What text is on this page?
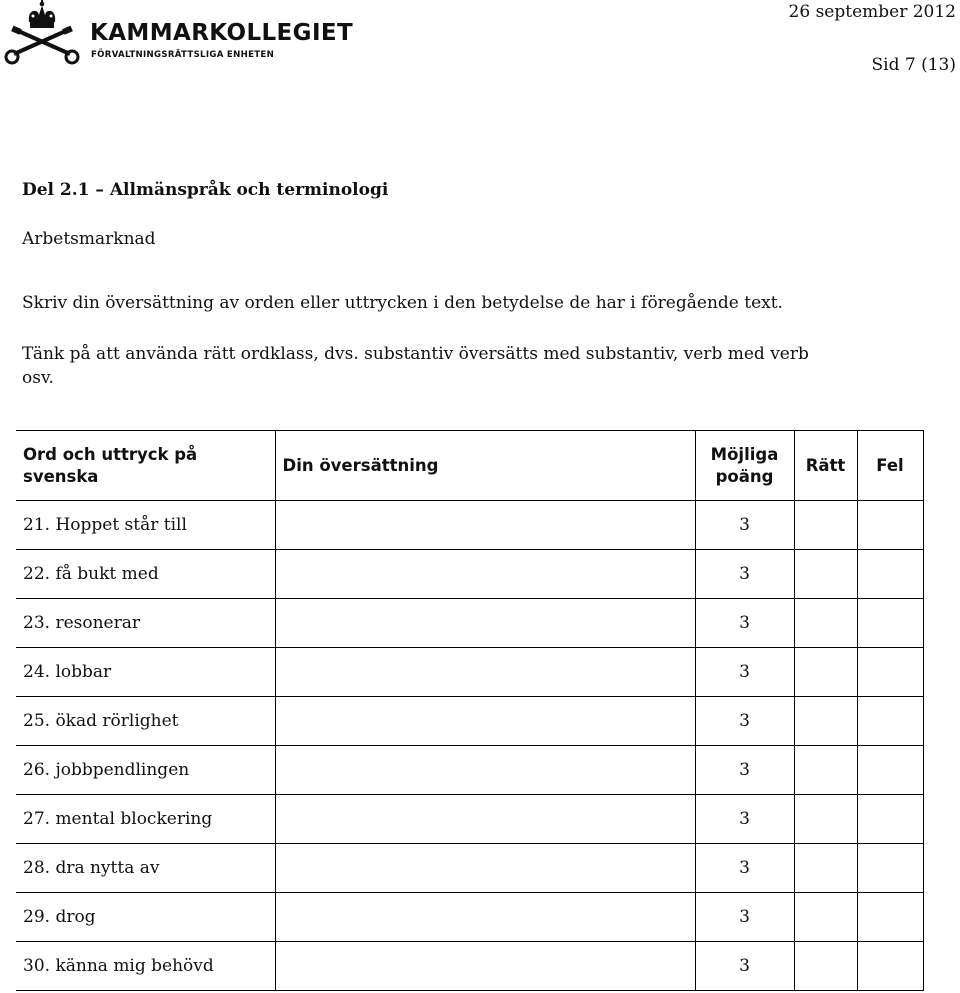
KAMMARKOLLEGIET
FÖRVALTNINGSRÄTTSLIGA ENHETEN
26 september 2012
Sid 7 (13)
Del 2.1 – Allmänspråk och terminologi
Arbetsmarknad
Skriv din översättning av orden eller uttrycken i den betydelse de har i föregående text.
Tänk på att använda rätt ordklass, dvs. substantiv översätts med substantiv, verb med verb osv.
Ord och uttryck på svenska	Din översättning	Möjliga poäng	Rätt	Fel
21. Hoppet står till		3		
22. få bukt med		3		
23. resonerar		3		
24. lobbar		3		
25. ökad rörlighet		3		
26. jobbpendlingen		3		
27. mental blockering		3		
28. dra nytta av		3		
29. drog		3		
30. känna mig behövd		3		
